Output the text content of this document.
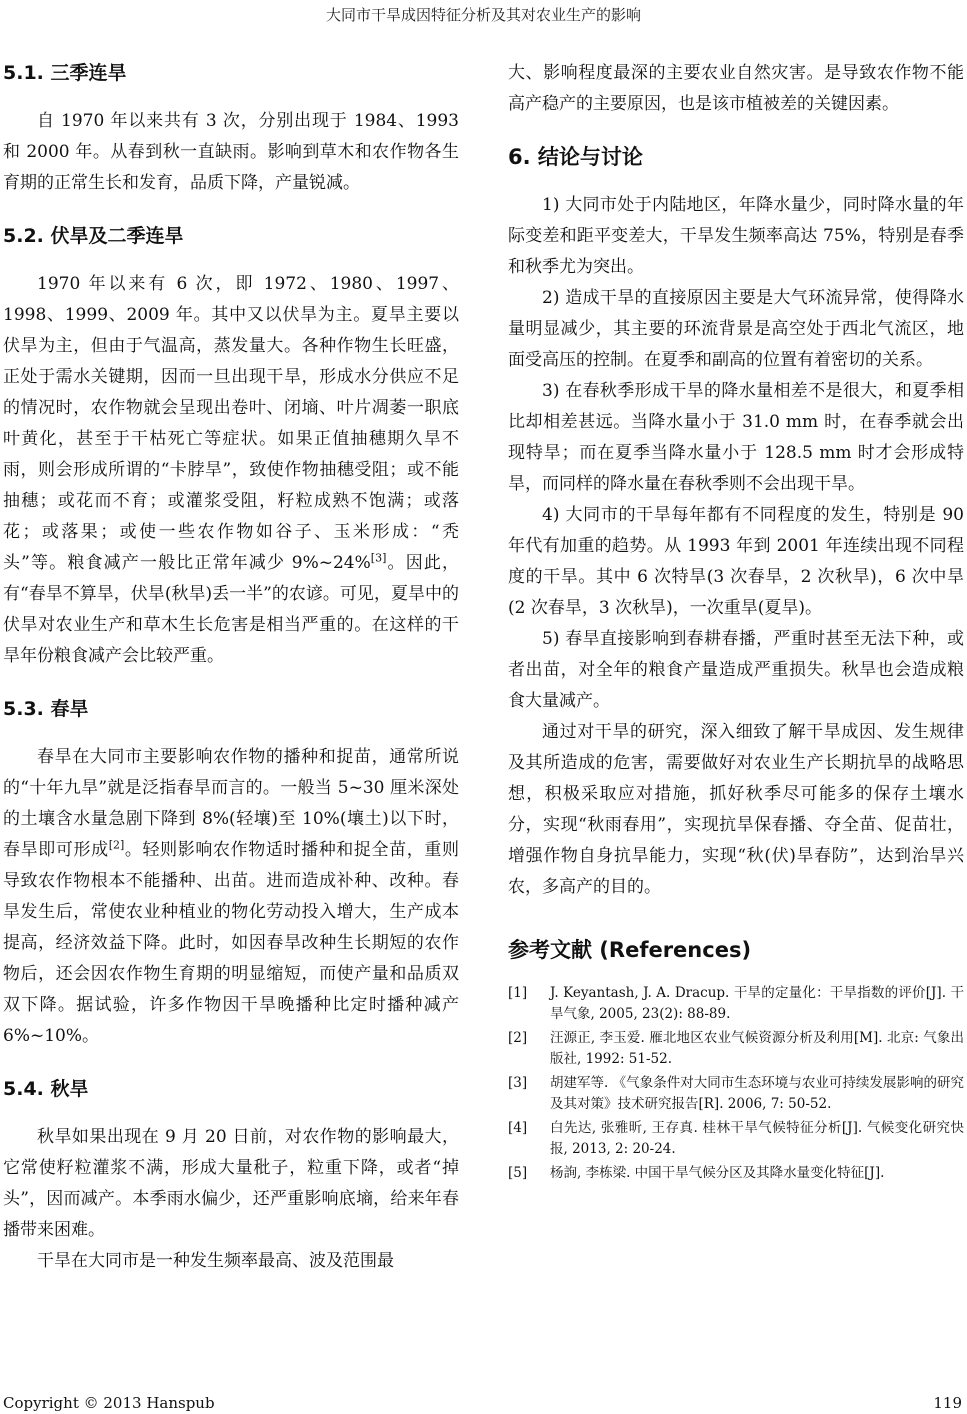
大同市干旱成因特征分析及其对农业生产的影响
5.1. 三季连旱

自 1970 年以来共有 3 次，分别出现于 1984、1993 和 2000 年。从春到秋一直缺雨。影响到草木和农作物各生育期的正常生长和发育，品质下降，产量锐减。

5.2. 伏旱及二季连旱

1970 年以来有 6 次，即 1972、1980、1997、1998、1999、2009 年。其中又以伏旱为主。夏旱主要以伏旱为主，但由于气温高，蒸发量大。各种作物生长旺盛，正处于需水关键期，因而一旦出现干旱，形成水分供应不足的情况时，农作物就会呈现出卷叶、闭墒、叶片凋萎一职底叶黄化，甚至于干枯死亡等症状。如果正值抽穗期久旱不雨，则会形成所谓的“卡脖旱”，致使作物抽穗受阻；或不能抽穗；或花而不育；或灌浆受阻，籽粒成熟不饱满；或落花；或落果；或使一些农作物如谷子、玉米形成：“秃头”等。粮食减产一般比正常年减少 9%~24%[3]。因此，有“春旱不算旱，伏旱(秋旱)丢一半”的农谚。可见，夏旱中的伏旱对农业生产和草木生长危害是相当严重的。在这样的干旱年份粮食减产会比较严重。

5.3. 春旱

春旱在大同市主要影响农作物的播种和捉苗，通常所说的“十年九旱”就是泛指春旱而言的。一般当 5~30 厘米深处的土壤含水量急剧下降到 8%(轻壤)至 10%(壤土)以下时，春旱即可形成[2]。轻则影响农作物适时播种和捉全苗，重则导致农作物根本不能播种、出苗。进而造成补种、改种。春旱发生后，常使农业种植业的物化劳动投入增大，生产成本提高，经济效益下降。此时，如因春旱改种生长期短的农作物后，还会因农作物生育期的明显缩短，而使产量和品质双双下降。据试验，许多作物因干旱晚播种比定时播种减产 6%~10%。

5.4. 秋旱

秋旱如果出现在 9 月 20 日前，对农作物的影响最大，它常使籽粒灌浆不满，形成大量秕子，粒重下降，或者“掉头”，因而减产。本季雨水偏少，还严重影响底墒，给来年春播带来困难。

干旱在大同市是一种发生频率最高、波及范围最

大、影响程度最深的主要农业自然灾害。是导致农作物不能高产稳产的主要原因，也是该市植被差的关键因素。

6. 结论与讨论

1) 大同市处于内陆地区，年降水量少，同时降水量的年际变差和距平变差大，干旱发生频率高达 75%，特别是春季和秋季尤为突出。

2) 造成干旱的直接原因主要是大气环流异常，使得降水量明显减少，其主要的环流背景是高空处于西北气流区，地面受高压的控制。在夏季和副高的位置有着密切的关系。

3) 在春秋季形成干旱的降水量相差不是很大，和夏季相比却相差甚远。当降水量小于 31.0 mm 时，在春季就会出现特旱；而在夏季当降水量小于 128.5 mm 时才会形成特旱，而同样的降水量在春秋季则不会出现干旱。

4) 大同市的干旱每年都有不同程度的发生，特别是 90 年代有加重的趋势。从 1993 年到 2001 年连续出现不同程度的干旱。其中 6 次特旱(3 次春旱，2 次秋旱)，6 次中旱(2 次春旱，3 次秋旱)，一次重旱(夏旱)。

5) 春旱直接影响到春耕春播，严重时甚至无法下种，或者出苗，对全年的粮食产量造成严重损失。秋旱也会造成粮食大量减产。

通过对干旱的研究，深入细致了解干旱成因、发生规律及其所造成的危害，需要做好对农业生产长期抗旱的战略思想，积极采取应对措施，抓好秋季尽可能多的保存土壤水分，实现“秋雨春用”，实现抗旱保春播、夺全苗、促苗壮，增强作物自身抗旱能力，实现“秋(伏)旱春防”，达到治旱兴农，多高产的目的。

参考文献 (References)
[1] J. Keyantash, J. A. Dracup. 干旱的定量化：干旱指数的评价[J]. 干旱气象, 2005, 23(2): 88-89.
[2] 汪源正, 李玉爱. 雁北地区农业气候资源分析及利用[M]. 北京: 气象出版社, 1992: 51-52.
[3] 胡建军等. 《气象条件对大同市生态环境与农业可持续发展影响的研究及其对策》技术研究报告[R]. 2006, 7: 50-52.
[4] 白先达, 张雅昕, 王存真. 桂林干旱气候特征分析[J]. 气候变化研究快报, 2013, 2: 20-24.
[5] 杨詢, 李栋梁. 中国干旱气候分区及其降水量变化特征[J].
Copyright © 2013 Hanspub	119
